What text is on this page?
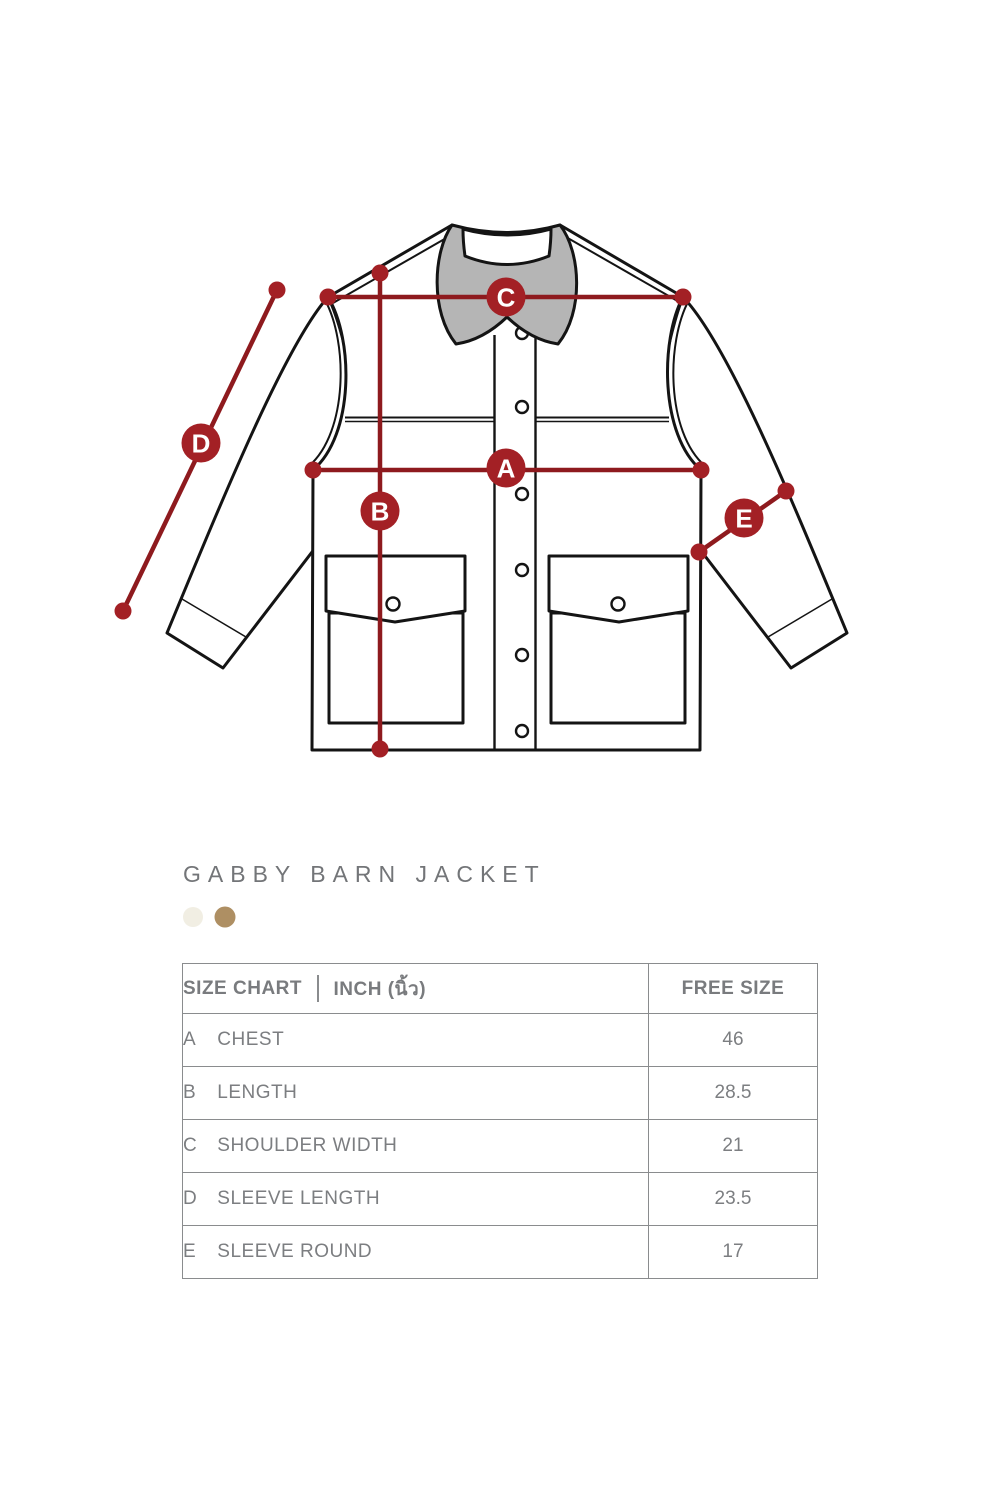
C
A
B
D
E
GABBY BARN JACKET
SIZE CHART INCH (นิ้ว)	FREE SIZE
A CHEST	46
B LENGTH	28.5
C SHOULDER WIDTH	21
D SLEEVE LENGTH	23.5
E SLEEVE ROUND	17
